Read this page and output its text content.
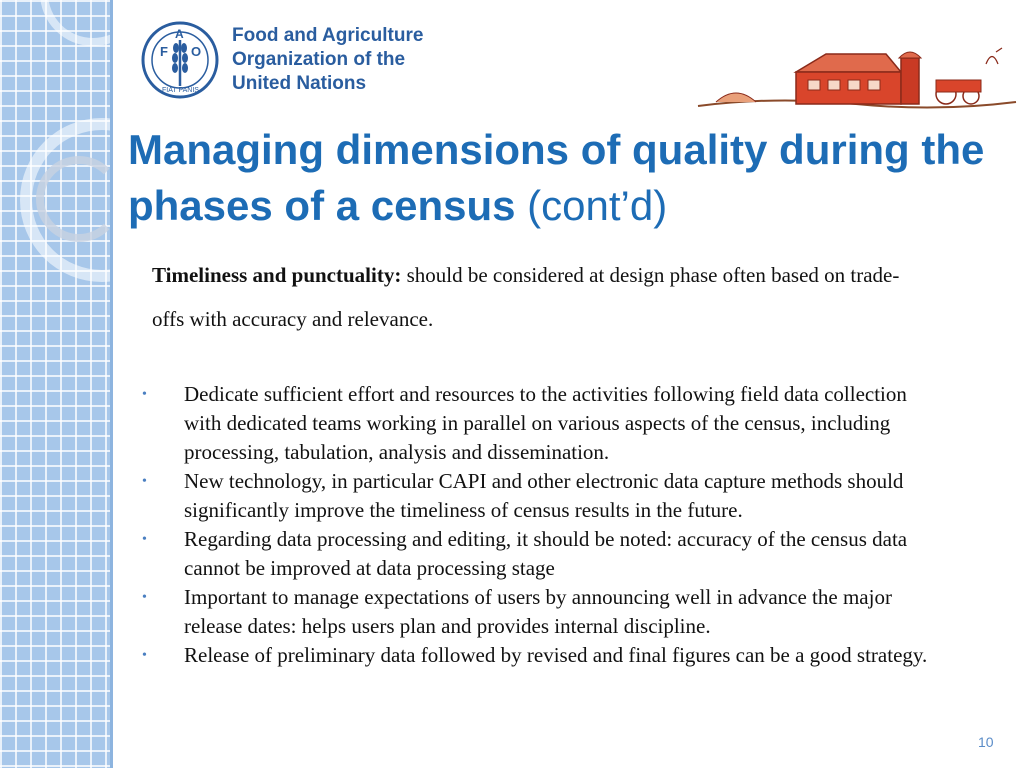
F
A
O
FIAT PANIS
Food and Agriculture
Organization of the
United Nations
Managing dimensions of quality during the phases of a census (cont’d)

Timeliness and punctuality: should be considered at design phase often based on trade-offs with accuracy and relevance.

• Dedicate sufficient effort and resources to the activities following field data collection with dedicated teams working in parallel on various aspects of the census, including processing, tabulation, analysis and dissemination.
• New technology, in particular CAPI and other electronic data capture methods should significantly improve the timeliness of census results in the future.
• Regarding data processing and editing, it should be noted: accuracy of the census data cannot be improved at data processing stage
• Important to manage expectations of users by announcing well in advance the major release dates: helps users plan and provides internal discipline.
• Release of preliminary data followed by revised and final figures can be a good strategy.
10
